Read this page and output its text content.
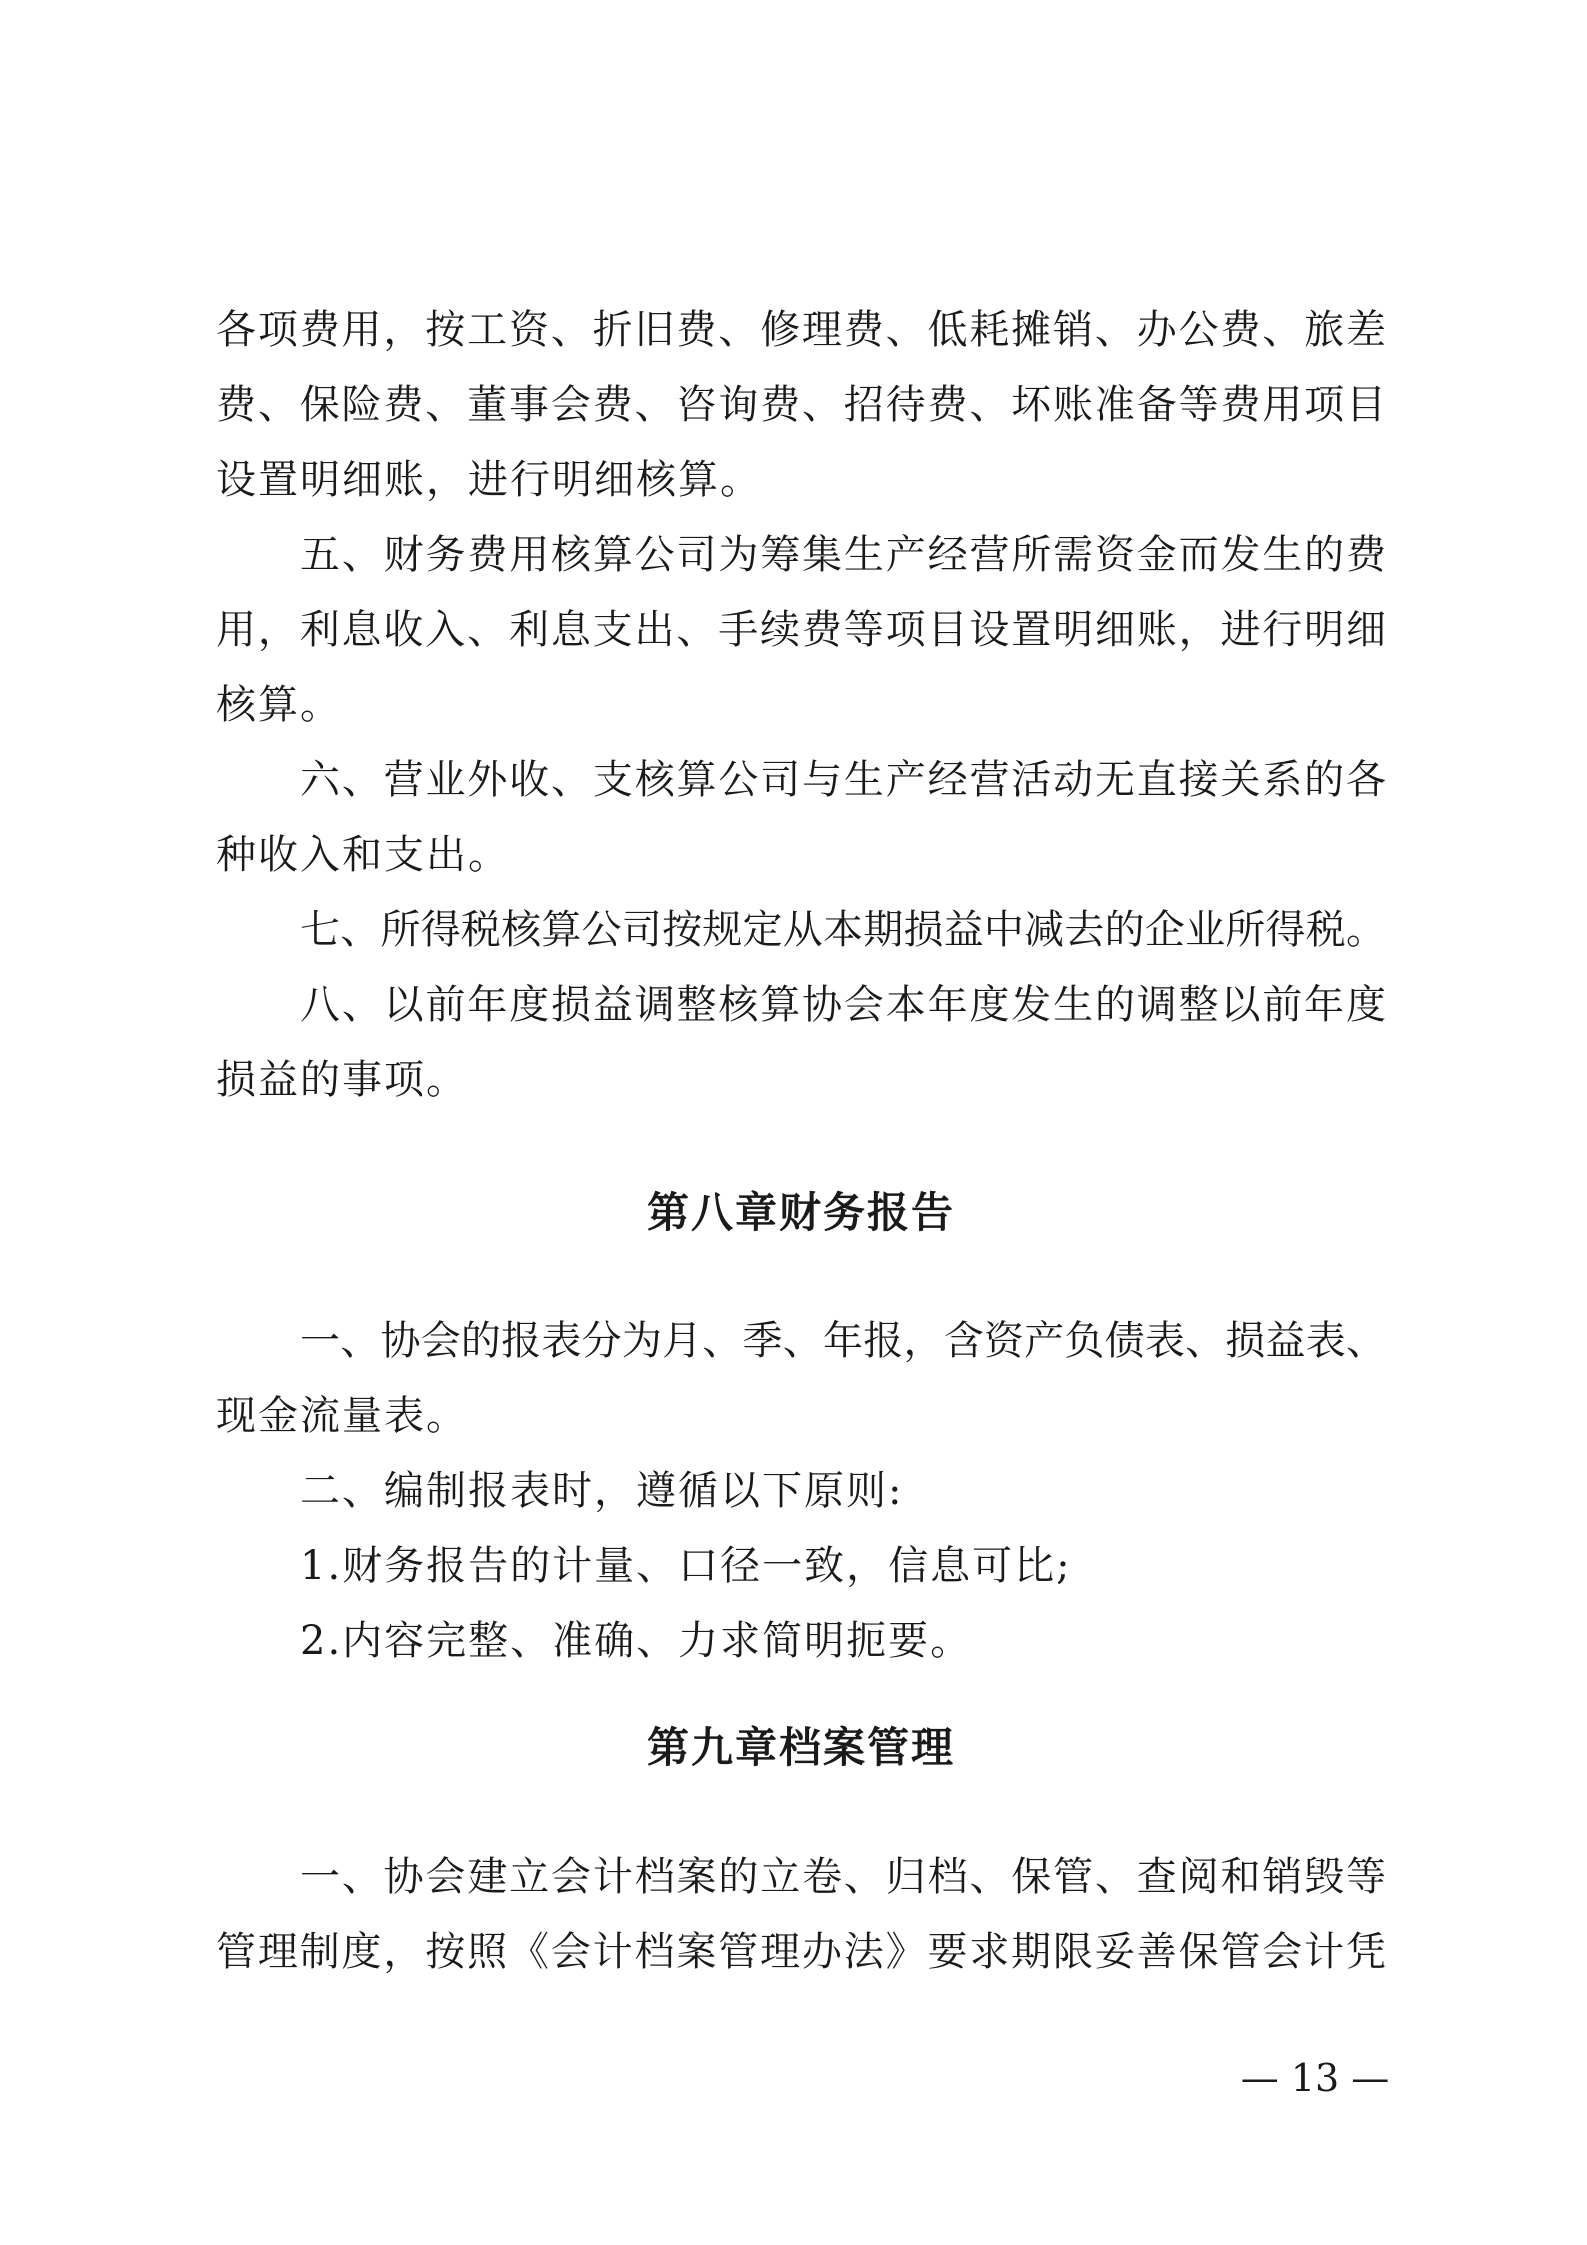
各项费用，按工资、折旧费、修理费、低耗摊销、办公费、旅差
费、保险费、董事会费、咨询费、招待费、坏账准备等费用项目
设置明细账，进行明细核算。
五、财务费用核算公司为筹集生产经营所需资金而发生的费
用，利息收入、利息支出、手续费等项目设置明细账，进行明细
核算。
六、营业外收、支核算公司与生产经营活动无直接关系的各
种收入和支出。
七、所得税核算公司按规定从本期损益中减去的企业所得税。
八、以前年度损益调整核算协会本年度发生的调整以前年度
损益的事项。
第八章财务报告
一、协会的报表分为月、季、年报，含资产负债表、损益表、
现金流量表。
二、编制报表时，遵循以下原则:
1.财务报告的计量、口径一致，信息可比;
2.内容完整、准确、力求简明扼要。
第九章档案管理
一、协会建立会计档案的立卷、归档、保管、查阅和销毁等
管理制度，按照《会计档案管理办法》要求期限妥善保管会计凭
— 13 —
